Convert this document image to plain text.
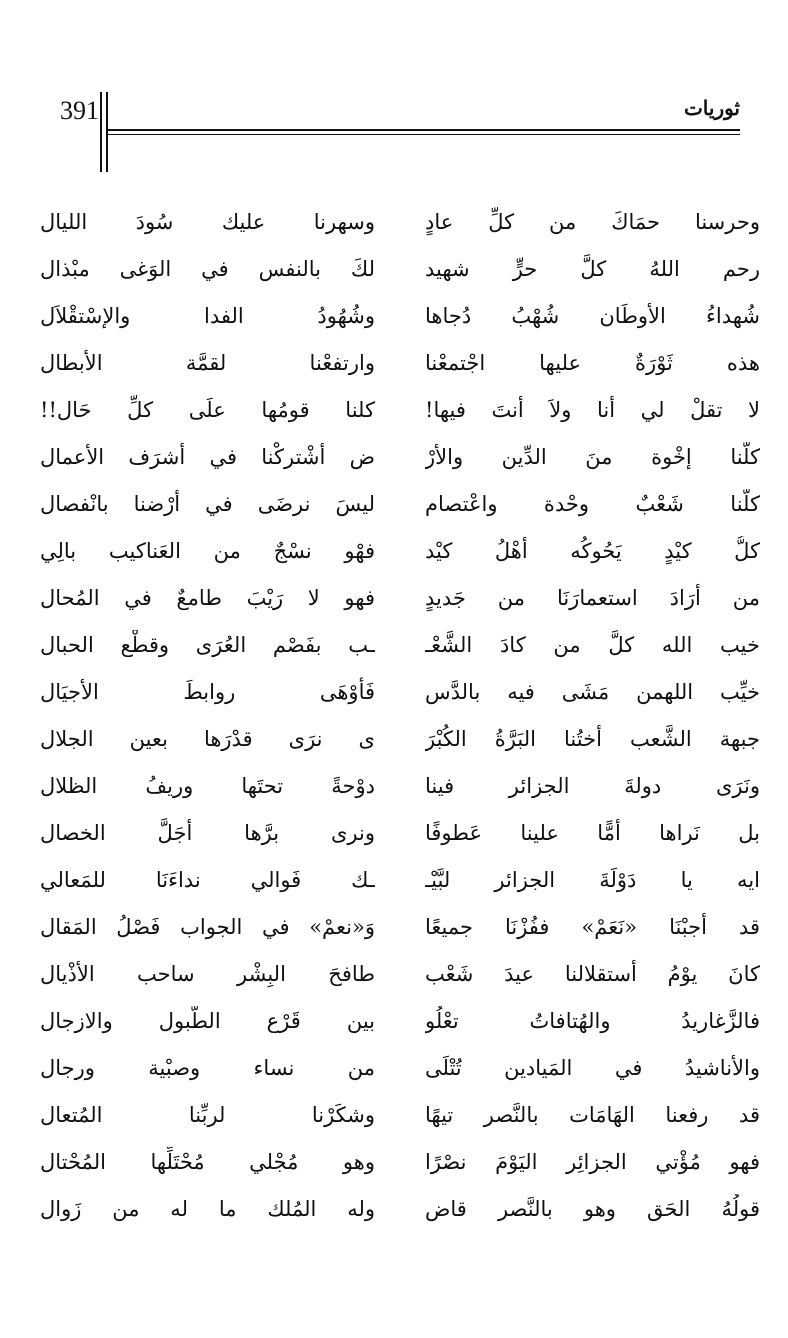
391	ثوريات
وحرسنا حمَاكَ من كلِّ عادٍ
وسهرنا عليك سُودَ الليال
رحم اللهُ كلَّ حرٍّ شهيد
لكَ بالنفس في الوَغى مبْذال
شُهداءُ الأوطَان شُهْبُ دُجاها
وشُهُودُ الفدا والإسْتقْلاَل
هذه ثَوْرَةٌ عليها اجْتمعْنا
وارتفعْنا لقمَّة الأبطال
لا تقلْ لي أنا ولاَ أنتَ فيها!
كلنا قومُها علَى كلِّ حَال!!
كلُّنا إخْوة منَ الدِّين والأرْ
ض أشْتركْنا في أشرَف الأعمال
كلُّنا شَعْبٌ وحْدة واعْتصام
ليسَ نرضَى في أرْضنا بانْفصال
كلُّ كيْدٍ يَحُوكُه أهْلُ كيْد
فهْو نسْجٌ من العَناكيب بالِي
من أرَادَ استعمارَنَا من جَديدٍ
فهو لا رَيْبَ طامعٌ في المُحال
خيب الله كلَّ من كادَ الشَّعْـ
ـب بفَصْم العُرَى وقطْع الحبال
خيِّب اللهمن مَشَى فيه بالدَّس
فَأوْهَى روابطَ الأجيَال
جبهة الشَّعب أختُنا البَرَّةُ الكُبْرَ
ى نرَى قدْرَها بعين الجلال
ونَرَى دولةَ الجزائر فينا
دوْحةً تحتَها وريفُ الظلال
بل نَراها أمًّا علينا عَطوفًا
ونرى برَّها أجَلَّ الخصال
ايه يا دَوْلَةَ الجزائر لبَّيْـ
ـك فَوالي نداءَنَا للمَعالي
قد أجبْنَا «نَعَمْ» ففُزْنَا جميعًا
وَ«نعمْ» في الجواب فَصْلُ المَقال
كانَ يوْمُ أستقلالنا عيدَ شَعْب
طافحَ البِشْر ساحب الأذْيال
فالزَّغاريدُ والهُتافاتُ تعْلُو
بين قَرْع الطُّبول والازجال
والأناشيدُ في المَيادين تُتْلَى
من نساء وصبْية ورجال
قد رفعنا الهَامَات بالنَّصر تيهًا
وشكَرْنا لربِّنا المُتعال
فهو مُؤْتي الجزائِر اليَوْمَ نصْرًا
وهو مُجْلي مُحْتَلِّها المُحْتال
قولُهُ الحَق وهو بالنَّصر قاض
وله المُلك ما له من زَوال
